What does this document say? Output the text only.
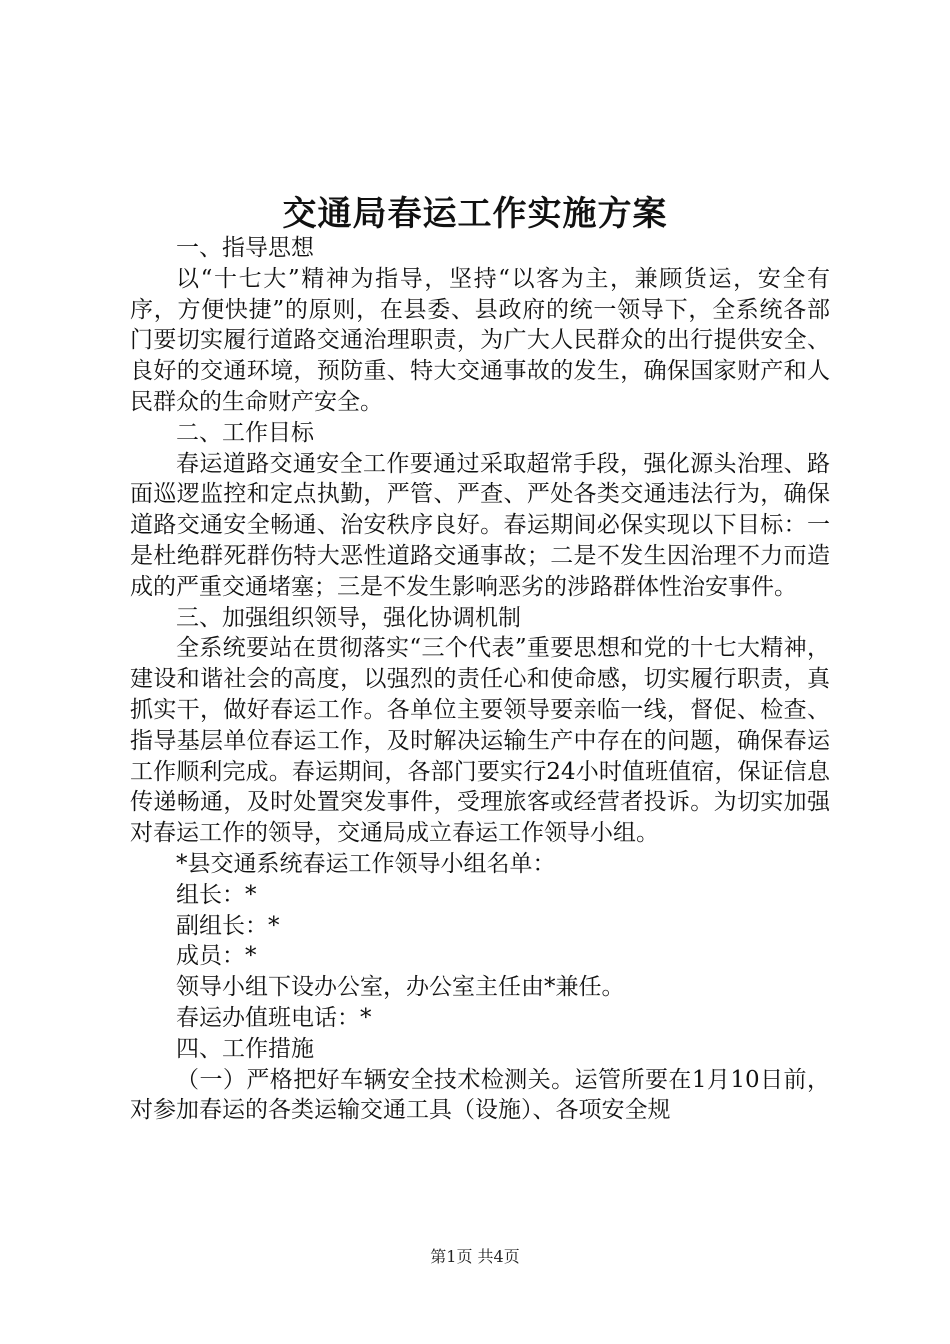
交通局春运工作实施方案

一、指导思想

以“十七大”精神为指导，坚持“以客为主，兼顾货运，安全有序，方便快捷”的原则，在县委、县政府的统一领导下，全系统各部门要切实履行道路交通治理职责，为广大人民群众的出行提供安全、良好的交通环境，预防重、特大交通事故的发生，确保国家财产和人民群众的生命财产安全。

二、工作目标

春运道路交通安全工作要通过采取超常手段，强化源头治理、路面巡逻监控和定点执勤，严管、严查、严处各类交通违法行为，确保道路交通安全畅通、治安秩序良好。春运期间必保实现以下目标：一是杜绝群死群伤特大恶性道路交通事故；二是不发生因治理不力而造成的严重交通堵塞；三是不发生影响恶劣的涉路群体性治安事件。

三、加强组织领导，强化协调机制

全系统要站在贯彻落实“三个代表”重要思想和党的十七大精神，建设和谐社会的高度，以强烈的责任心和使命感，切实履行职责，真抓实干，做好春运工作。各单位主要领导要亲临一线，督促、检查、指导基层单位春运工作，及时解决运输生产中存在的问题，确保春运工作顺利完成。春运期间，各部门要实行24小时值班值宿，保证信息传递畅通，及时处置突发事件，受理旅客或经营者投诉。为切实加强对春运工作的领导，交通局成立春运工作领导小组。

*县交通系统春运工作领导小组名单：

组长：*

副组长：*

成员：*

领导小组下设办公室，办公室主任由*兼任。

春运办值班电话：*

四、工作措施

（一）严格把好车辆安全技术检测关。运管所要在1月10日前，对参加春运的各类运输交通工具（设施）、各项安全规

第1页 共4页
